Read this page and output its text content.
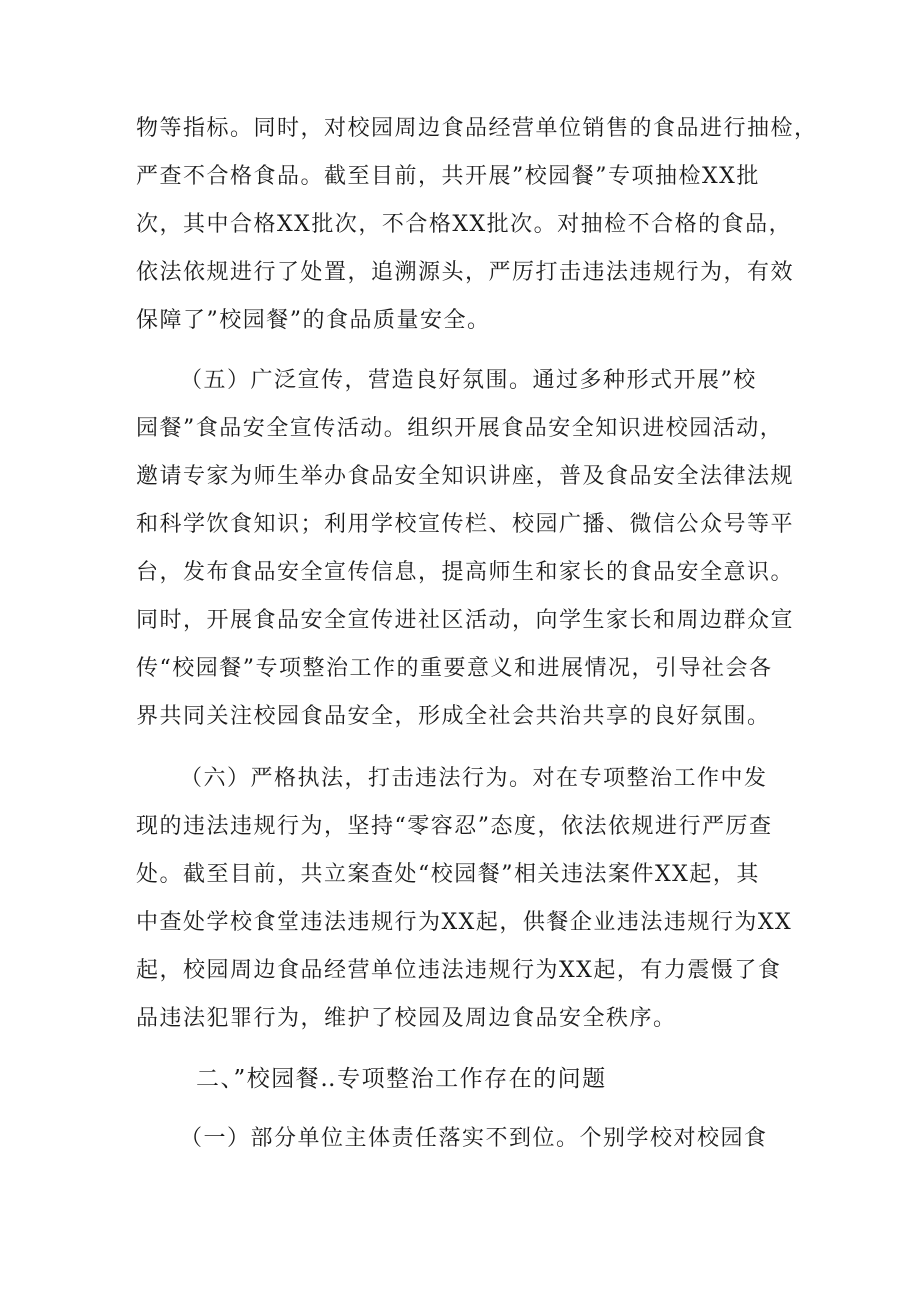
物等指标。同时，对校园周边食品经营单位销售的食品进行抽检，
严查不合格食品。截至目前，共开展”校园餐”专项抽检XX批
次，其中合格XX批次，不合格XX批次。对抽检不合格的食品，
依法依规进行了处置，追溯源头，严厉打击违法违规行为，有效
保障了”校园餐”的食品质量安全。
（五）广泛宣传，营造良好氛围。通过多种形式开展”校
园餐”食品安全宣传活动。组织开展食品安全知识进校园活动，
邀请专家为师生举办食品安全知识讲座，普及食品安全法律法规
和科学饮食知识；利用学校宣传栏、校园广播、微信公众号等平
台，发布食品安全宣传信息，提高师生和家长的食品安全意识。
同时，开展食品安全宣传进社区活动，向学生家长和周边群众宣
传“校园餐”专项整治工作的重要意义和进展情况，引导社会各
界共同关注校园食品安全，形成全社会共治共享的良好氛围。
（六）严格执法，打击违法行为。对在专项整治工作中发
现的违法违规行为，坚持“零容忍”态度，依法依规进行严厉查
处。截至目前，共立案查处“校园餐”相关违法案件XX起，其
中查处学校食堂违法违规行为XX起，供餐企业违法违规行为XX
起，校园周边食品经营单位违法违规行为XX起，有力震慑了食
品违法犯罪行为，维护了校园及周边食品安全秩序。
二、”校园餐‥专项整治工作存在的问题
（一）部分单位主体责任落实不到位。个别学校对校园食
